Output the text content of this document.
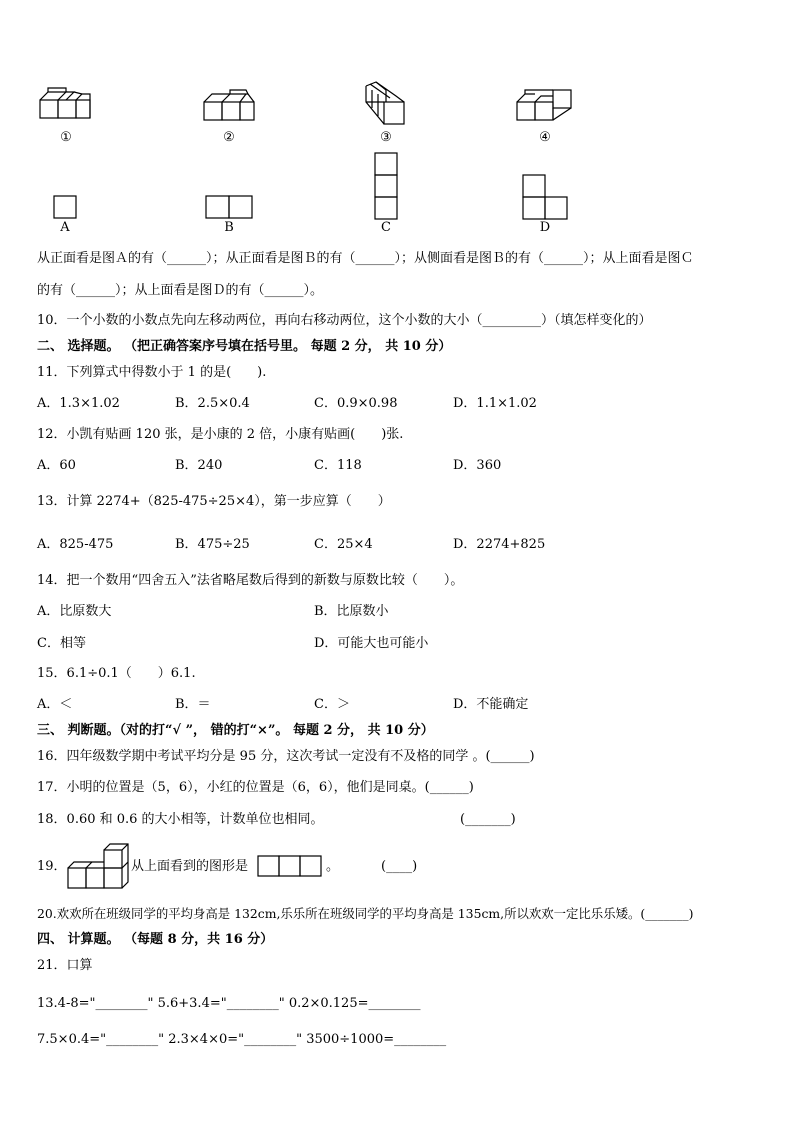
①	②	③	④
A	B	C	D
从正面看是图Ａ的有（______）；从正面看是图Ｂ的有（______）；从侧面看是图Ｂ的有（______）；从上面看是图Ｃ
的有（______）；从上面看是图Ｄ的有（______）。
10．一个小数的小数点先向左移动两位，再向右移动两位，这个小数的大小（_________）（填怎样变化的）
二、 选择题。 （把正确答案序号填在括号里。 每题 2 分， 共 10 分）
11．下列算式中得数小于 1 的是(　　).
A．1.3×1.02	B．2.5×0.4	C．0.9×0.98	D．1.1×1.02
12．小凯有贴画 120 张，是小康的 2 倍，小康有贴画(　　)张.
A．60	B．240	C．118	D．360
13．计算 2274+（825-475÷25×4），第一步应算（　　）
A．825-475	B．475÷25	C．25×4	D．2274+825
14．把一个数用“四舍五入”法省略尾数后得到的新数与原数比较（　　）。
A．比原数大	B．比原数小
C．相等	D．可能大也可能小
15．6.1÷0.1（　　）6.1.
A．＜	B．＝	C．＞	D．不能确定
三、 判断题。（对的打“√ ”， 错的打“×”。 每题 2 分， 共 10 分）
16．四年级数学期中考试平均分是 95 分，这次考试一定没有不及格的同学 。(______)
17．小明的位置是（5，6），小红的位置是（6，6），他们是同桌。(______)
18．0.60 和 0.6 的大小相等，计数单位也相同。	(_______)
19．	从上面看到的图形是	。	(____)
20.欢欢所在班级同学的平均身高是 132cm,乐乐所在班级同学的平均身高是 135cm,所以欢欢一定比乐乐矮。(_______)
四、 计算题。 （每题 8 分，共 16 分）
21．口算
13.4-8="________" 5.6+3.4="________" 0.2×0.125=________
7.5×0.4="________" 2.3×4×0="________" 3500÷1000=________
